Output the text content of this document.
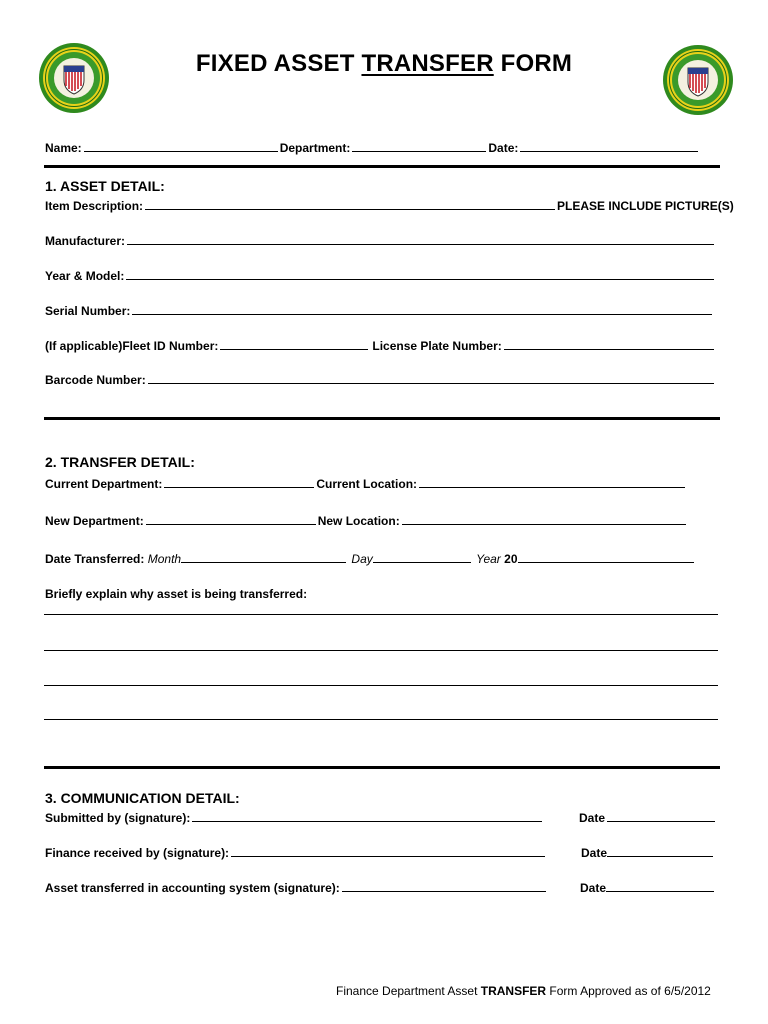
FIXED ASSET TRANSFER FORM
Name:	Department:	Date:
1. ASSET DETAIL:
Item Description:	PLEASE INCLUDE PICTURE(S)
Manufacturer:
Year & Model:
Serial Number:
(If applicable)Fleet ID Number:	License Plate Number:
Barcode Number:
2. TRANSFER DETAIL:
Current Department:	Current Location:
New Department:	New Location:
Date Transferred: Month	Day	Year 20
Briefly explain why asset is being transferred:
3. COMMUNICATION DETAIL:
Submitted by (signature):	Date
Finance received by (signature):	Date
Asset transferred in accounting system (signature):	Date
Finance Department Asset TRANSFER Form Approved as of 6/5/2012
